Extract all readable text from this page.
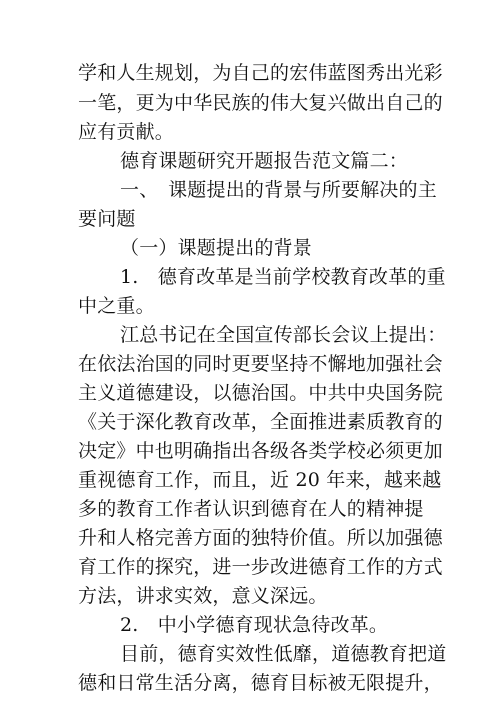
学和人生规划，为自己的宏伟蓝图秀出光彩
一笔，更为中华民族的伟大复兴做出自己的
应有贡献。
德育课题研究开题报告范文篇二：
一、　课题提出的背景与所要解决的主
要问题
（一）课题提出的背景
1.　德育改革是当前学校教育改革的重
中之重。
江总书记在全国宣传部长会议上提出：
在依法治国的同时更要坚持不懈地加强社会
主义道德建设，以德治国。中共中央国务院
《关于深化教育改革，全面推进素质教育的
决定》中也明确指出各级各类学校必须更加
重视德育工作，而且，近 20 年来，越来越
多的教育工作者认识到德育在人的精神提
升和人格完善方面的独特价值。所以加强德
育工作的探究，进一步改进德育工作的方式
方法，讲求实效，意义深远。
2.　中小学德育现状急待改革。
目前，德育实效性低靡，道德教育把道
德和日常生活分离，德育目标被无限提升，
